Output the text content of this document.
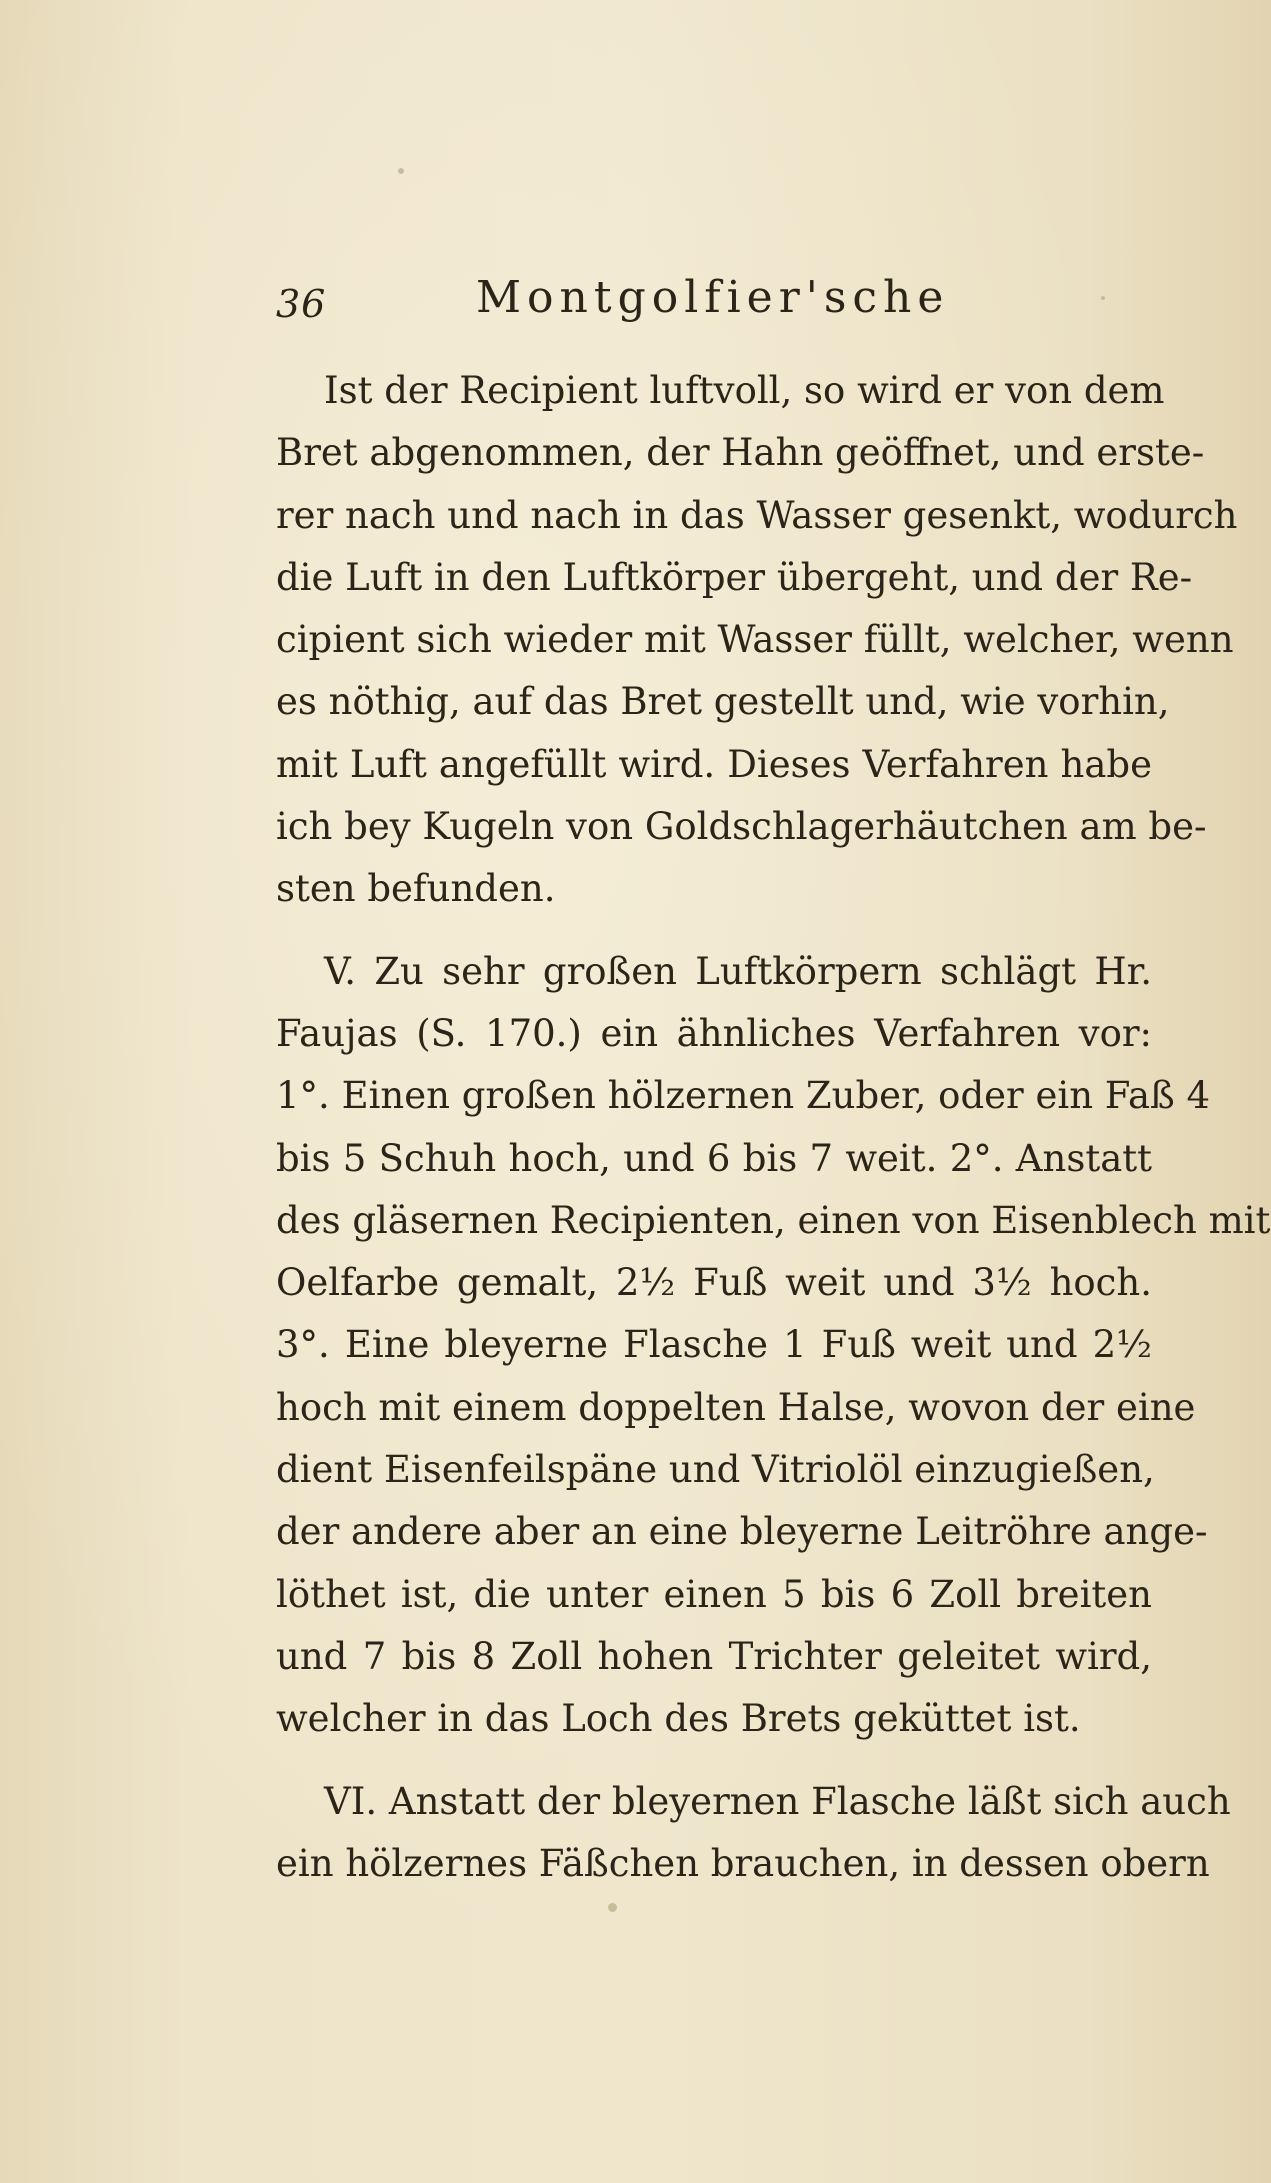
36	Montgolfier'sche

Ist der Recipient luftvoll, so wird er von dem
Bret abgenommen, der Hahn geöffnet, und erste-
rer nach und nach in das Wasser gesenkt, wodurch
die Luft in den Luftkörper übergeht, und der Re-
cipient sich wieder mit Wasser füllt, welcher, wenn
es nöthig, auf das Bret gestellt und, wie vorhin,
mit Luft angefüllt wird. Dieses Verfahren habe
ich bey Kugeln von Goldschlagerhäutchen am be-
sten befunden.

V. Zu sehr großen Luftkörpern schlägt Hr.
Faujas (S. 170.) ein ähnliches Verfahren vor:
1°. Einen großen hölzernen Zuber, oder ein Faß 4
bis 5 Schuh hoch, und 6 bis 7 weit. 2°. Anstatt
des gläsernen Recipienten, einen von Eisenblech mit
Oelfarbe gemalt, 2½ Fuß weit und 3½ hoch.
3°. Eine bleyerne Flasche 1 Fuß weit und 2½
hoch mit einem doppelten Halse, wovon der eine
dient Eisenfeilspäne und Vitriolöl einzugießen,
der andere aber an eine bleyerne Leitröhre ange-
löthet ist, die unter einen 5 bis 6 Zoll breiten
und 7 bis 8 Zoll hohen Trichter geleitet wird,
welcher in das Loch des Brets geküttet ist.

VI. Anstatt der bleyernen Flasche läßt sich auch
ein hölzernes Fäßchen brauchen, in dessen obern
